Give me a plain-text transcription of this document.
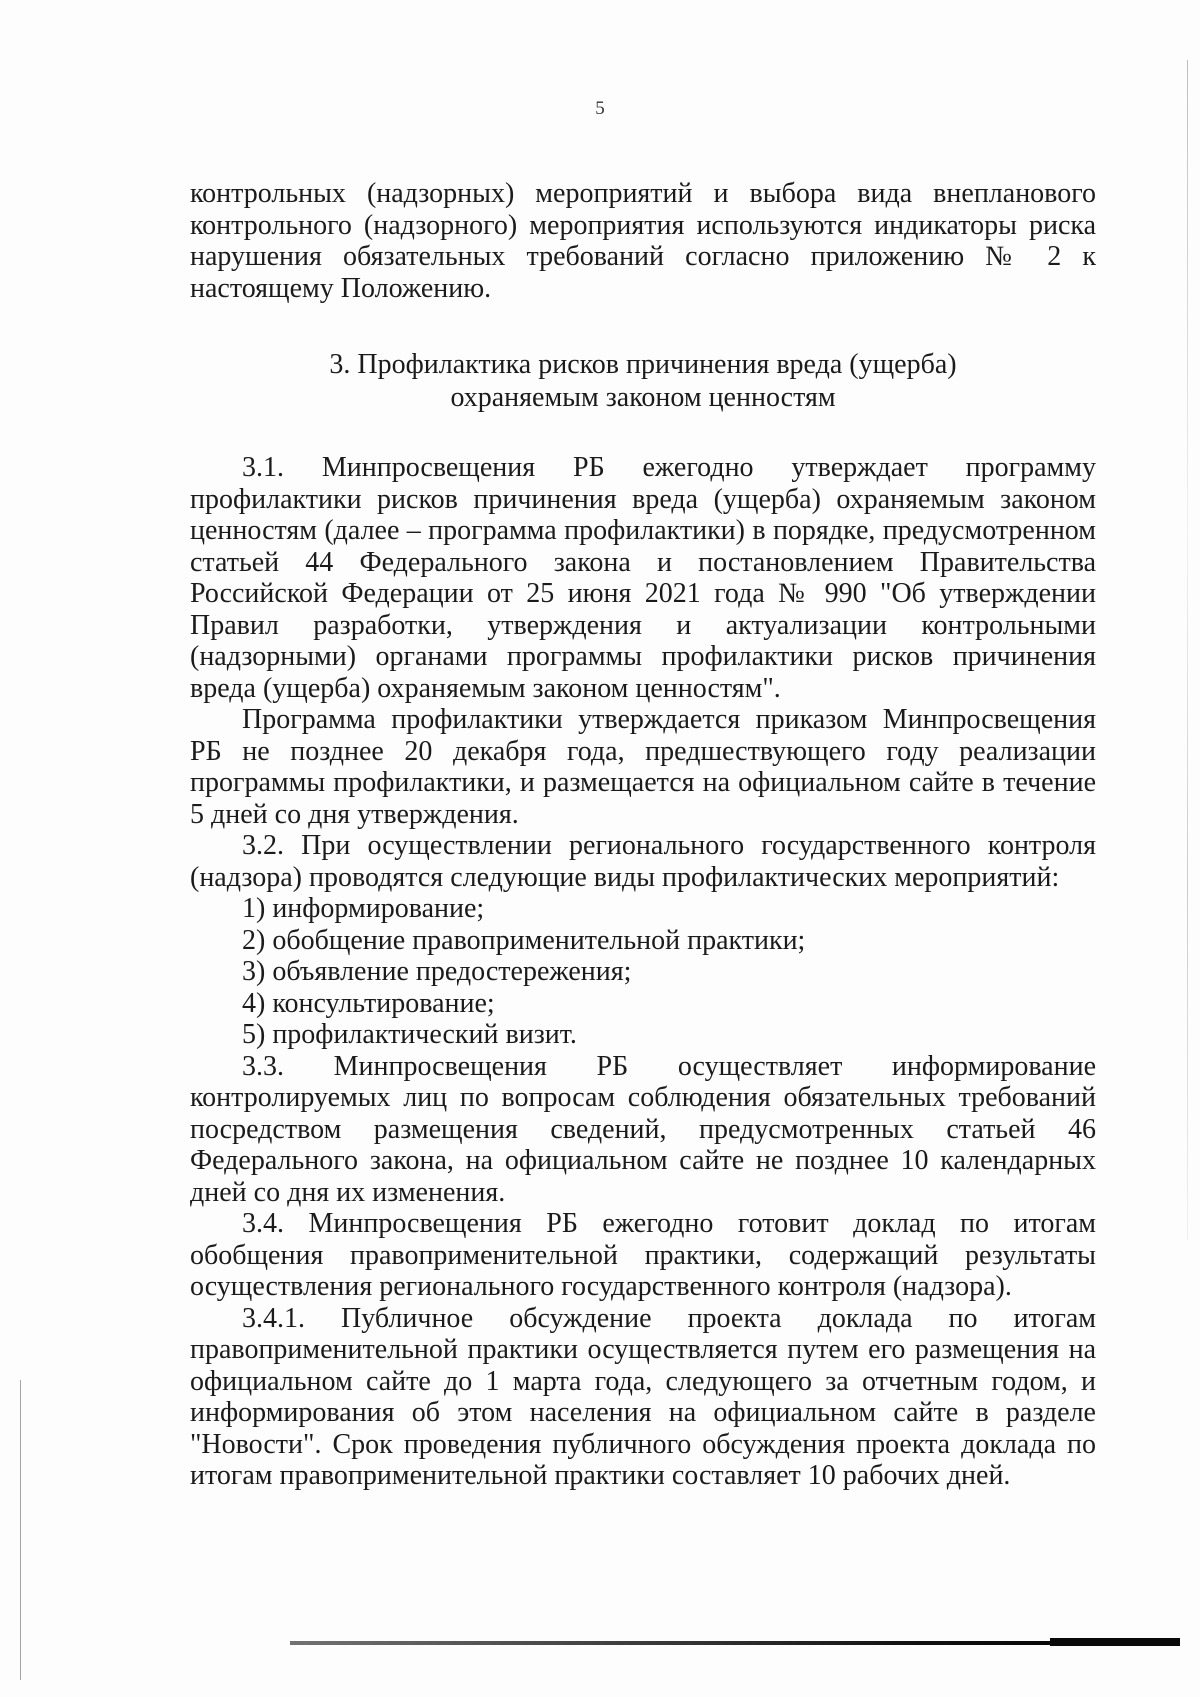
5

контрольных (надзорных) мероприятий и выбора вида внепланового контрольного (надзорного) мероприятия используются индикаторы риска нарушения обязательных требований согласно приложению № 2 к настоящему Положению.

3. Профилактика рисков причинения вреда (ущерба)
охраняемым законом ценностям

3.1. Минпросвещения РБ ежегодно утверждает программу профилактики рисков причинения вреда (ущерба) охраняемым законом ценностям (далее – программа профилактики) в порядке, предусмотренном статьей 44 Федерального закона и постановлением Правительства Российской Федерации от 25 июня 2021 года № 990 "Об утверждении Правил разработки, утверждения и актуализации контрольными (надзорными) органами программы профилактики рисков причинения вреда (ущерба) охраняемым законом ценностям".

Программа профилактики утверждается приказом Минпросвещения РБ не позднее 20 декабря года, предшествующего году реализации программы профилактики, и размещается на официальном сайте в течение 5 дней со дня утверждения.

3.2. При осуществлении регионального государственного контроля (надзора) проводятся следующие виды профилактических мероприятий:

1) информирование;

2) обобщение правоприменительной практики;

3) объявление предостережения;

4) консультирование;

5) профилактический визит.

3.3. Минпросвещения РБ осуществляет информирование контролируемых лиц по вопросам соблюдения обязательных требований посредством размещения сведений, предусмотренных статьей 46 Федерального закона, на официальном сайте не позднее 10 календарных дней со дня их изменения.

3.4. Минпросвещения РБ ежегодно готовит доклад по итогам обобщения правоприменительной практики, содержащий результаты осуществления регионального государственного контроля (надзора).

3.4.1. Публичное обсуждение проекта доклада по итогам правоприменительной практики осуществляется путем его размещения на официальном сайте до 1 марта года, следующего за отчетным годом, и информирования об этом населения на официальном сайте в разделе "Новости". Срок проведения публичного обсуждения проекта доклада по итогам правоприменительной практики составляет 10 рабочих дней.
